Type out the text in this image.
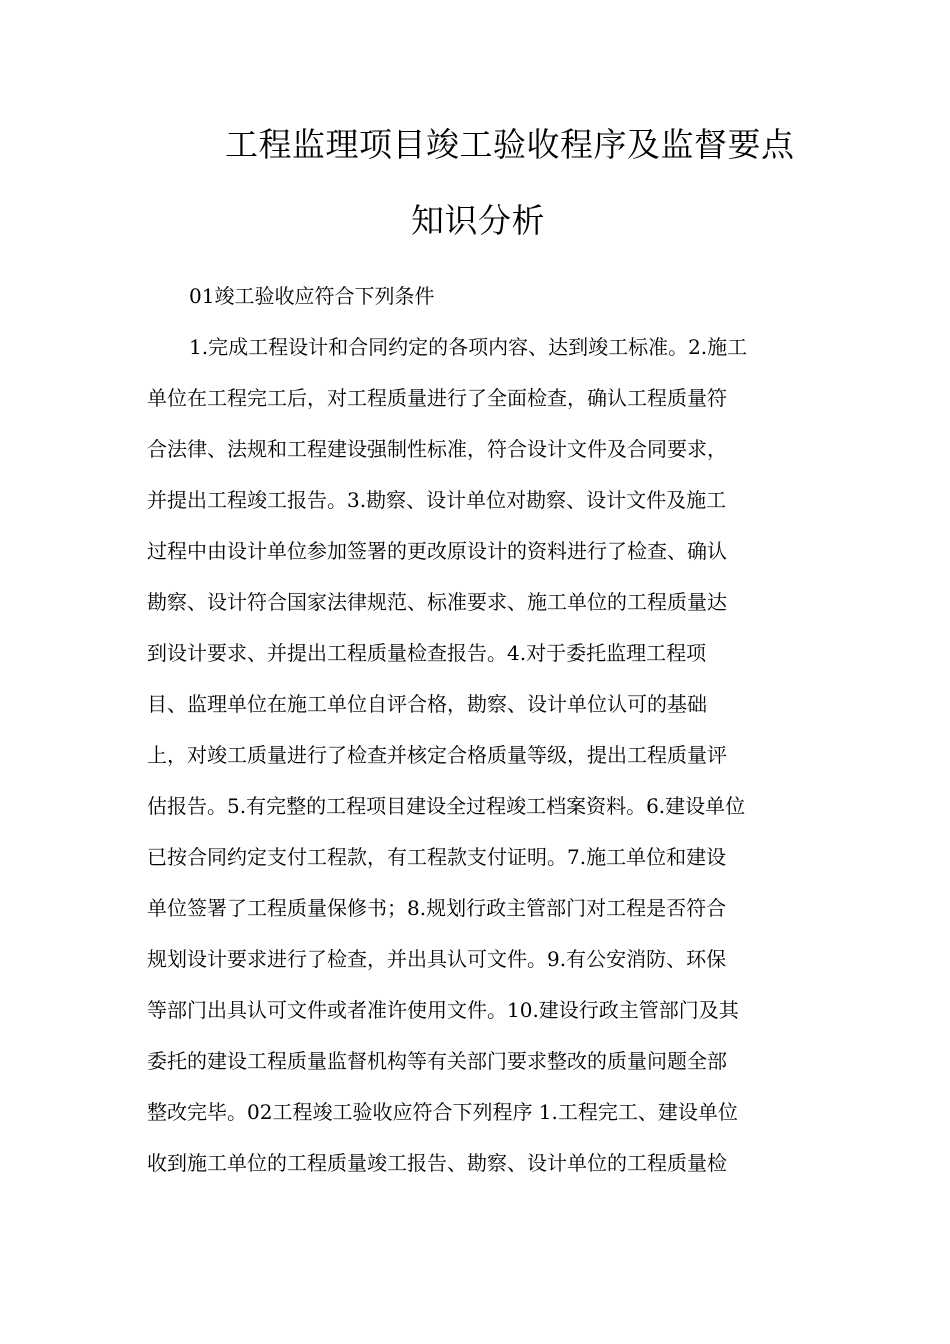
工程监理项目竣工验收程序及监督要点
知识分析
01竣工验收应符合下列条件
1.完成工程设计和合同约定的各项内容、达到竣工标准。2.施工
单位在工程完工后，对工程质量进行了全面检查，确认工程质量符
合法律、法规和工程建设强制性标准，符合设计文件及合同要求，
并提出工程竣工报告。3.勘察、设计单位对勘察、设计文件及施工
过程中由设计单位参加签署的更改原设计的资料进行了检查、确认
勘察、设计符合国家法律规范、标准要求、施工单位的工程质量达
到设计要求、并提出工程质量检查报告。4.对于委托监理工程项
目、监理单位在施工单位自评合格，勘察、设计单位认可的基础
上，对竣工质量进行了检查并核定合格质量等级，提出工程质量评
估报告。5.有完整的工程项目建设全过程竣工档案资料。6.建设单位
已按合同约定支付工程款，有工程款支付证明。7.施工单位和建设
单位签署了工程质量保修书；8.规划行政主管部门对工程是否符合
规划设计要求进行了检查，并出具认可文件。9.有公安消防、环保
等部门出具认可文件或者准许使用文件。10.建设行政主管部门及其
委托的建设工程质量监督机构等有关部门要求整改的质量问题全部
整改完毕。02工程竣工验收应符合下列程序 1.工程完工、建设单位
收到施工单位的工程质量竣工报告、勘察、设计单位的工程质量检
